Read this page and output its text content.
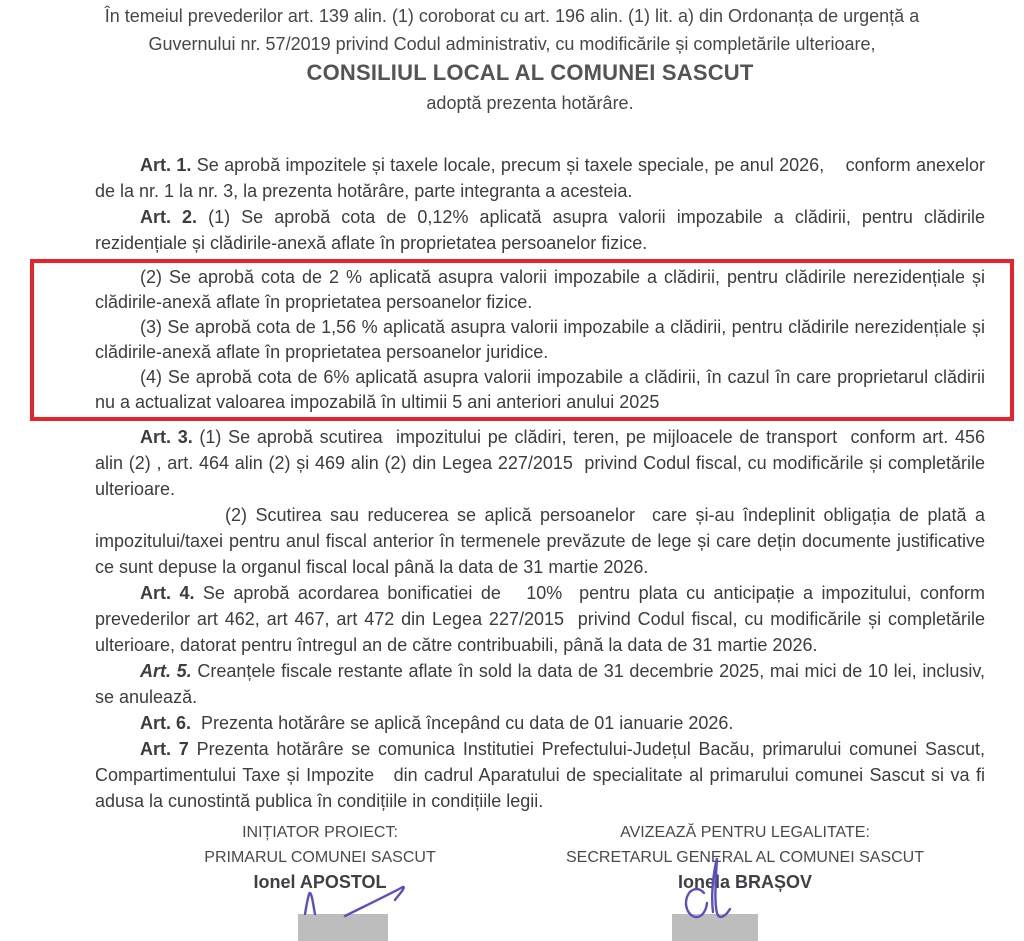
În temeiul prevederilor art. 139 alin. (1) coroborat cu art. 196 alin. (1) lit. a) din Ordonanța de urgență a Guvernului nr. 57/2019 privind Codul administrativ, cu modificările și completările ulterioare,
CONSILIUL LOCAL AL COMUNEI SASCUT
adoptă prezenta hotărâre.

Art. 1. Se aprobă impozitele și taxele locale, precum și taxele speciale, pe anul 2026,    conform anexelor de la nr. 1 la nr. 3, la prezenta hotărâre, parte integranta a acesteia.

Art. 2. (1) Se aprobă cota de 0,12% aplicată asupra valorii impozabile a clădirii, pentru clădirile rezidențiale și clădirile-anexă aflate în proprietatea persoanelor fizice.

(2) Se aprobă cota de 2 % aplicată asupra valorii impozabile a clădirii, pentru clădirile nerezidențiale și clădirile-anexă aflate în proprietatea persoanelor fizice.

(3) Se aprobă cota de 1,56 % aplicată asupra valorii impozabile a clădirii, pentru clădirile nerezidențiale și clădirile-anexă aflate în proprietatea persoanelor juridice.

(4) Se aprobă cota de 6% aplicată asupra valorii impozabile a clădirii, în cazul în care proprietarul clădirii nu a actualizat valoarea impozabilă în ultimii 5 ani anteriori anului 2025

Art. 3. (1) Se aprobă scutirea  impozitului pe clădiri, teren, pe mijloacele de transport  conform art. 456 alin (2) , art. 464 alin (2) și 469 alin (2) din Legea 227/2015  privind Codul fiscal, cu modificările și completările ulterioare.

(2) Scutirea sau reducerea se aplică persoanelor  care și-au îndeplinit obligația de plată a impozitului/taxei pentru anul fiscal anterior în termenele prevăzute de lege și care dețin documente justificative ce sunt depuse la organul fiscal local până la data de 31 martie 2026.

Art. 4. Se aprobă acordarea bonificatiei de   10%  pentru plata cu anticipație a impozitului, conform prevederilor art 462, art 467, art 472 din Legea 227/2015  privind Codul fiscal, cu modificările și completările ulterioare, datorat pentru întregul an de către contribuabili, până la data de 31 martie 2026.

Art. 5. Creanțele fiscale restante aflate în sold la data de 31 decembrie 2025, mai mici de 10 lei, inclusiv, se anulează.

Art. 6.  Prezenta hotărâre se aplică începând cu data de 01 ianuarie 2026.

Art. 7 Prezenta hotărâre se comunica Institutiei Prefectului-Județul Bacău, primarului comunei Sascut, Compartimentului Taxe și Impozite   din cadrul Aparatului de specialitate al primarului comunei Sascut si va fi adusa la cunostintă publica în condițiile in condițiile legii.

INIȚIATOR PROIECT:
PRIMARUL COMUNEI SASCUT
Ionel APOSTOL
AVIZEAZĂ PENTRU LEGALITATE:
SECRETARUL GENERAL AL COMUNEI SASCUT
Ionela BRAȘOV
